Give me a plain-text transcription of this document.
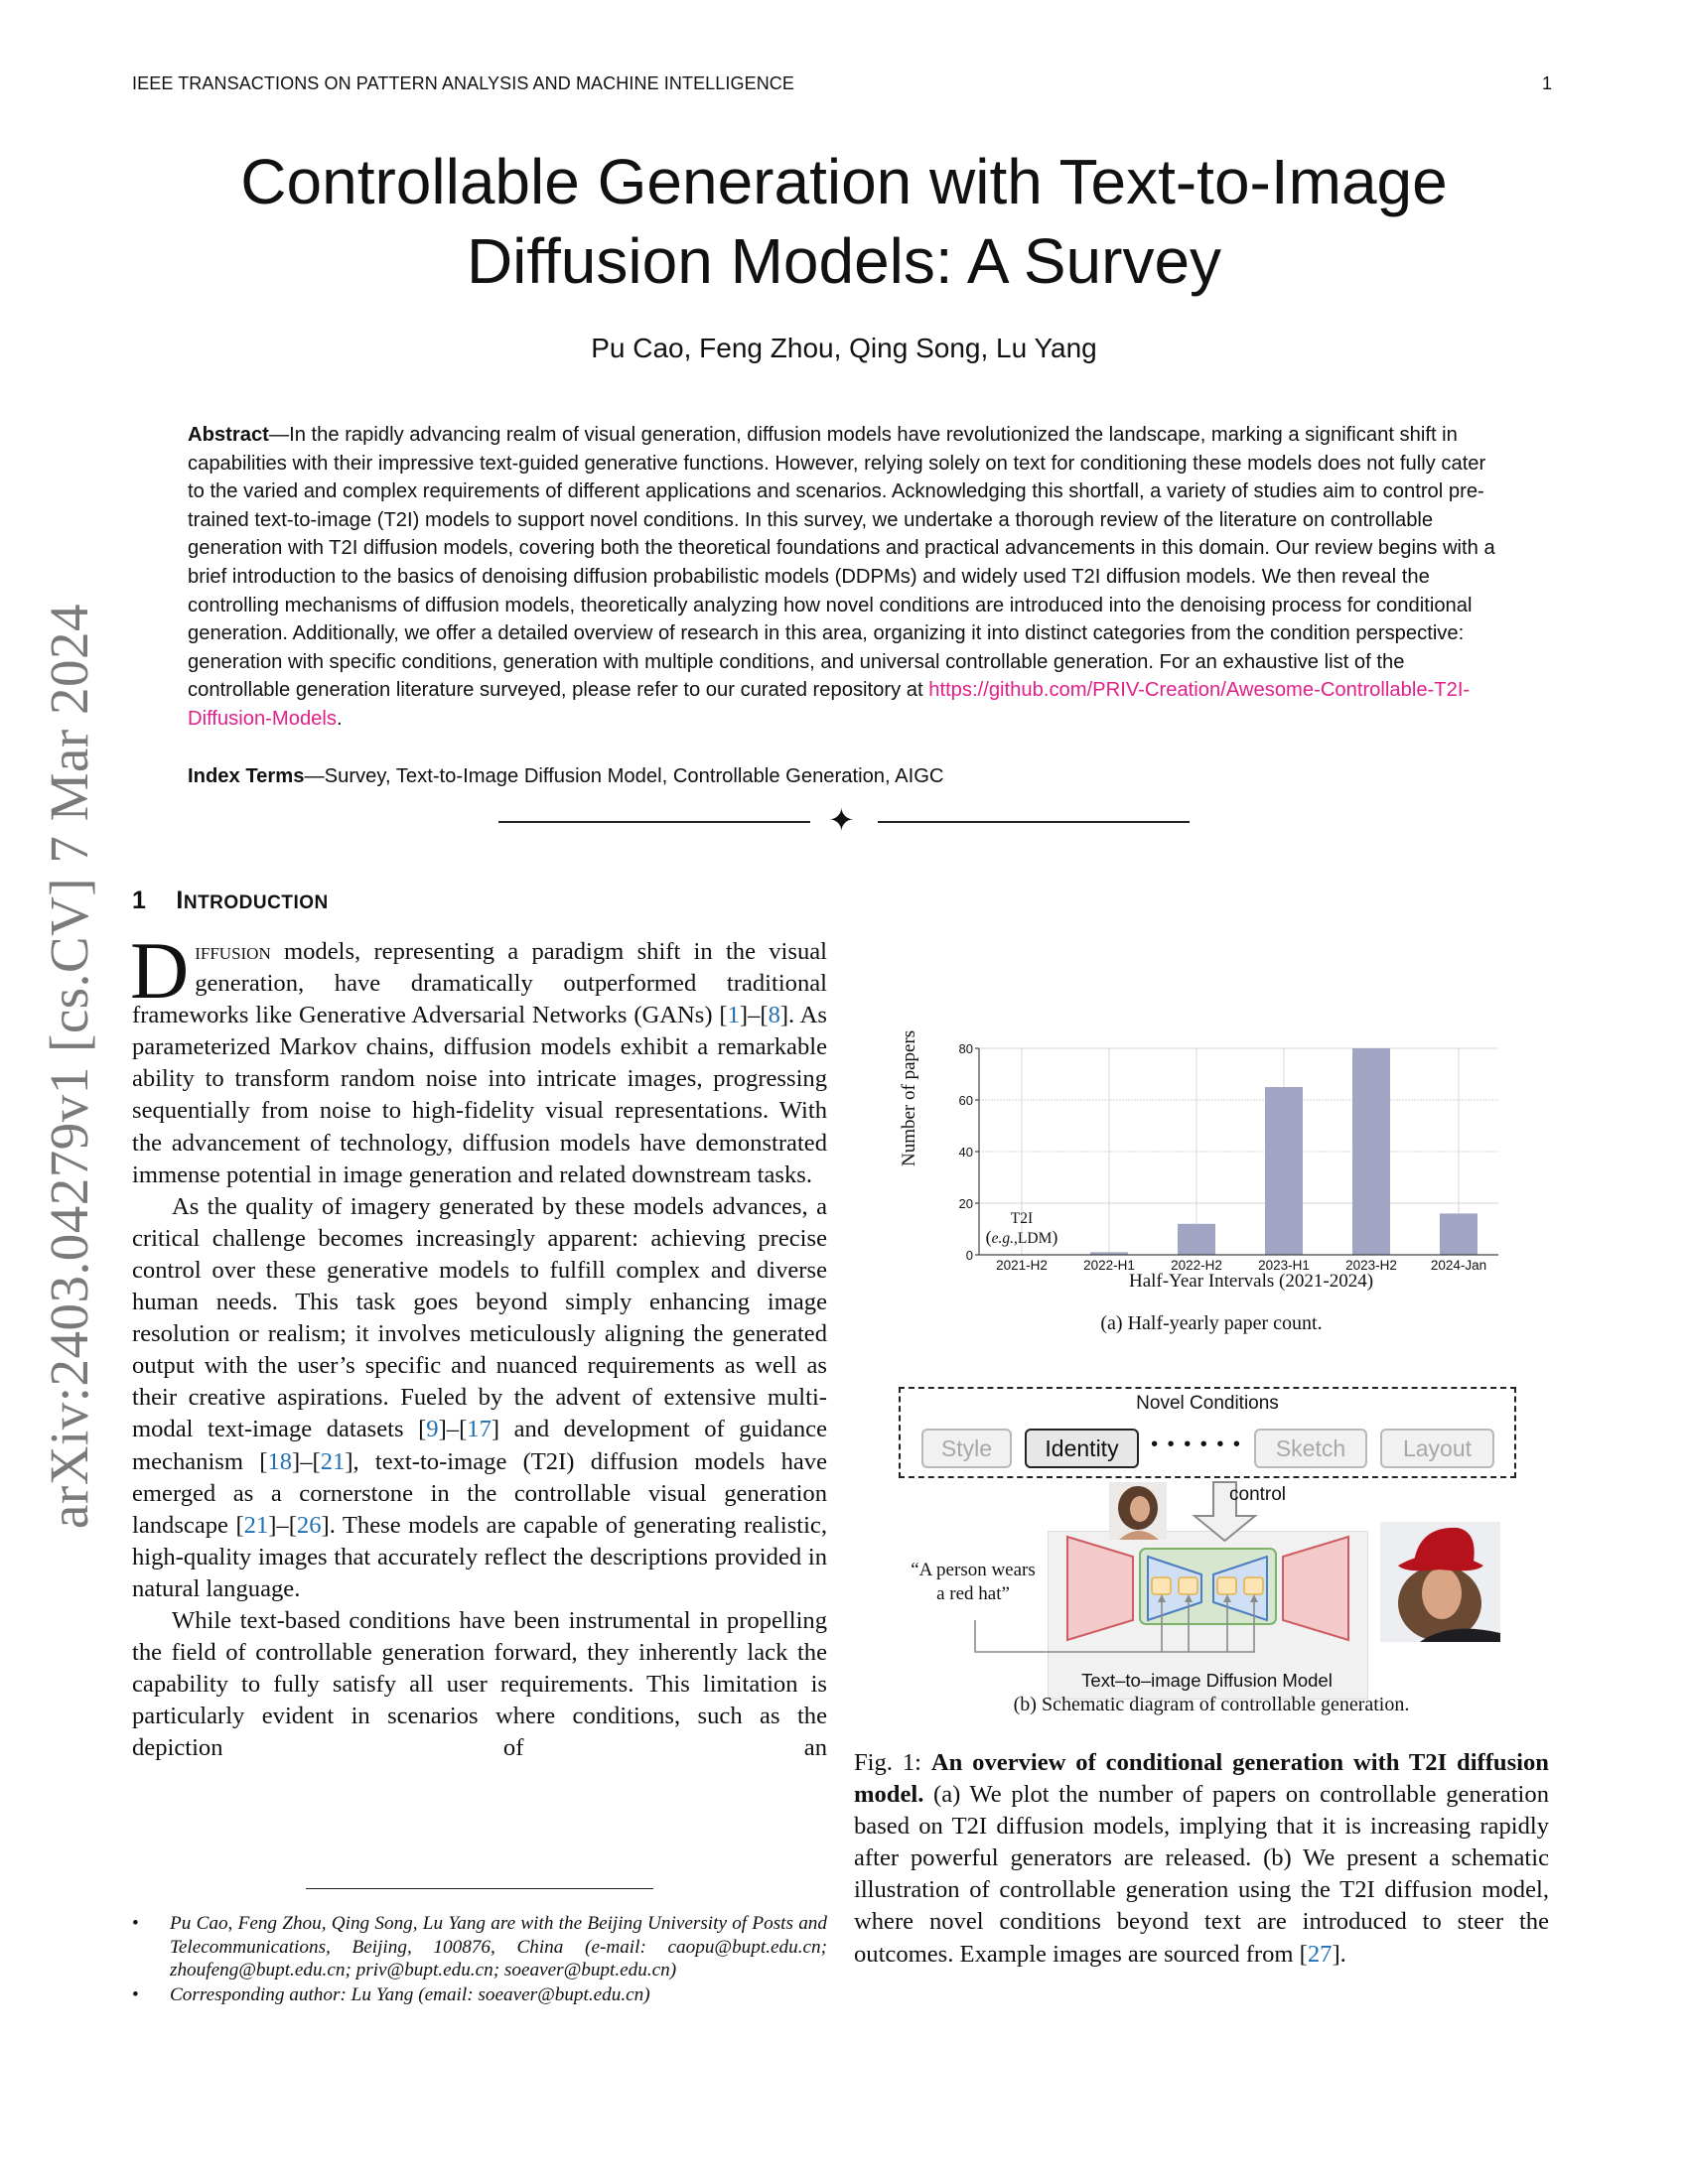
IEEE TRANSACTIONS ON PATTERN ANALYSIS AND MACHINE INTELLIGENCE	1
arXiv:2403.04279v1 [cs.CV] 7 Mar 2024
Controllable Generation with Text-to-Image
Diffusion Models: A Survey
Pu Cao, Feng Zhou, Qing Song, Lu Yang
Abstract—In the rapidly advancing realm of visual generation, diffusion models have revolutionized the landscape, marking a significant shift in capabilities with their impressive text-guided generative functions. However, relying solely on text for conditioning these models does not fully cater to the varied and complex requirements of different applications and scenarios. Acknowledging this shortfall, a variety of studies aim to control pre-trained text-to-image (T2I) models to support novel conditions. In this survey, we undertake a thorough review of the literature on controllable generation with T2I diffusion models, covering both the theoretical foundations and practical advancements in this domain. Our review begins with a brief introduction to the basics of denoising diffusion probabilistic models (DDPMs) and widely used T2I diffusion models. We then reveal the controlling mechanisms of diffusion models, theoretically analyzing how novel conditions are introduced into the denoising process for conditional generation. Additionally, we offer a detailed overview of research in this area, organizing it into distinct categories from the condition perspective: generation with specific conditions, generation with multiple conditions, and universal controllable generation. For an exhaustive list of the controllable generation literature surveyed, please refer to our curated repository at https://github.com/PRIV-Creation/Awesome-Controllable-T2I-Diffusion-Models.
Index Terms—Survey, Text-to-Image Diffusion Model, Controllable Generation, AIGC
✦
1 INTRODUCTION

Diffusion models, representing a paradigm shift in the visual generation, have dramatically outperformed traditional frameworks like Generative Adversarial Networks (GANs) [1]–[8]. As parameterized Markov chains, diffusion models exhibit a remarkable ability to transform random noise into intricate images, progressing sequentially from noise to high-fidelity visual representations. With the advancement of technology, diffusion models have demonstrated immense potential in image generation and related downstream tasks.

As the quality of imagery generated by these models advances, a critical challenge becomes increasingly apparent: achieving precise control over these generative models to fulfill complex and diverse human needs. This task goes beyond simply enhancing image resolution or realism; it involves meticulously aligning the generated output with the user’s specific and nuanced requirements as well as their creative aspirations. Fueled by the advent of extensive multi-modal text-image datasets [9]–[17] and development of guidance mechanism [18]–[21], text-to-image (T2I) diffusion models have emerged as a cornerstone in the controllable visual generation landscape [21]–[26]. These models are capable of generating realistic, high-quality images that accurately reflect the descriptions provided in natural language.

While text-based conditions have been instrumental in propelling the field of controllable generation forward, they inherently lack the capability to fully satisfy all user requirements. This limitation is particularly evident in scenarios where conditions, such as the depiction of an

• Pu Cao, Feng Zhou, Qing Song, Lu Yang are with the Beijing University of Posts and Telecommunications, Beijing, 100876, China (e-mail: caopu@bupt.edu.cn; zhoufeng@bupt.edu.cn; priv@bupt.edu.cn; soeaver@bupt.edu.cn)
• Corresponding author: Lu Yang (email: soeaver@bupt.edu.cn)
Number of papers	80
60
40
20
0
2021-H2	2022-H1	2022-H2	2023-H1	2023-H2	2024-Jan
T2I
(e.g.,LDM)
Half-Year Intervals (2021-2024)
(a) Half-yearly paper count.
Novel Conditions
Style	Identity	• • • • • •	Sketch	Layout
control
“A person wears
a red hat”
Text–to–image Diffusion Model
(b) Schematic diagram of controllable generation.
Fig. 1: An overview of conditional generation with T2I diffusion model. (a) We plot the number of papers on controllable generation based on T2I diffusion models, implying that it is increasing rapidly after powerful generators are released. (b) We present a schematic illustration of controllable generation using the T2I diffusion model, where novel conditions beyond text are introduced to steer the outcomes. Example images are sourced from [27].
